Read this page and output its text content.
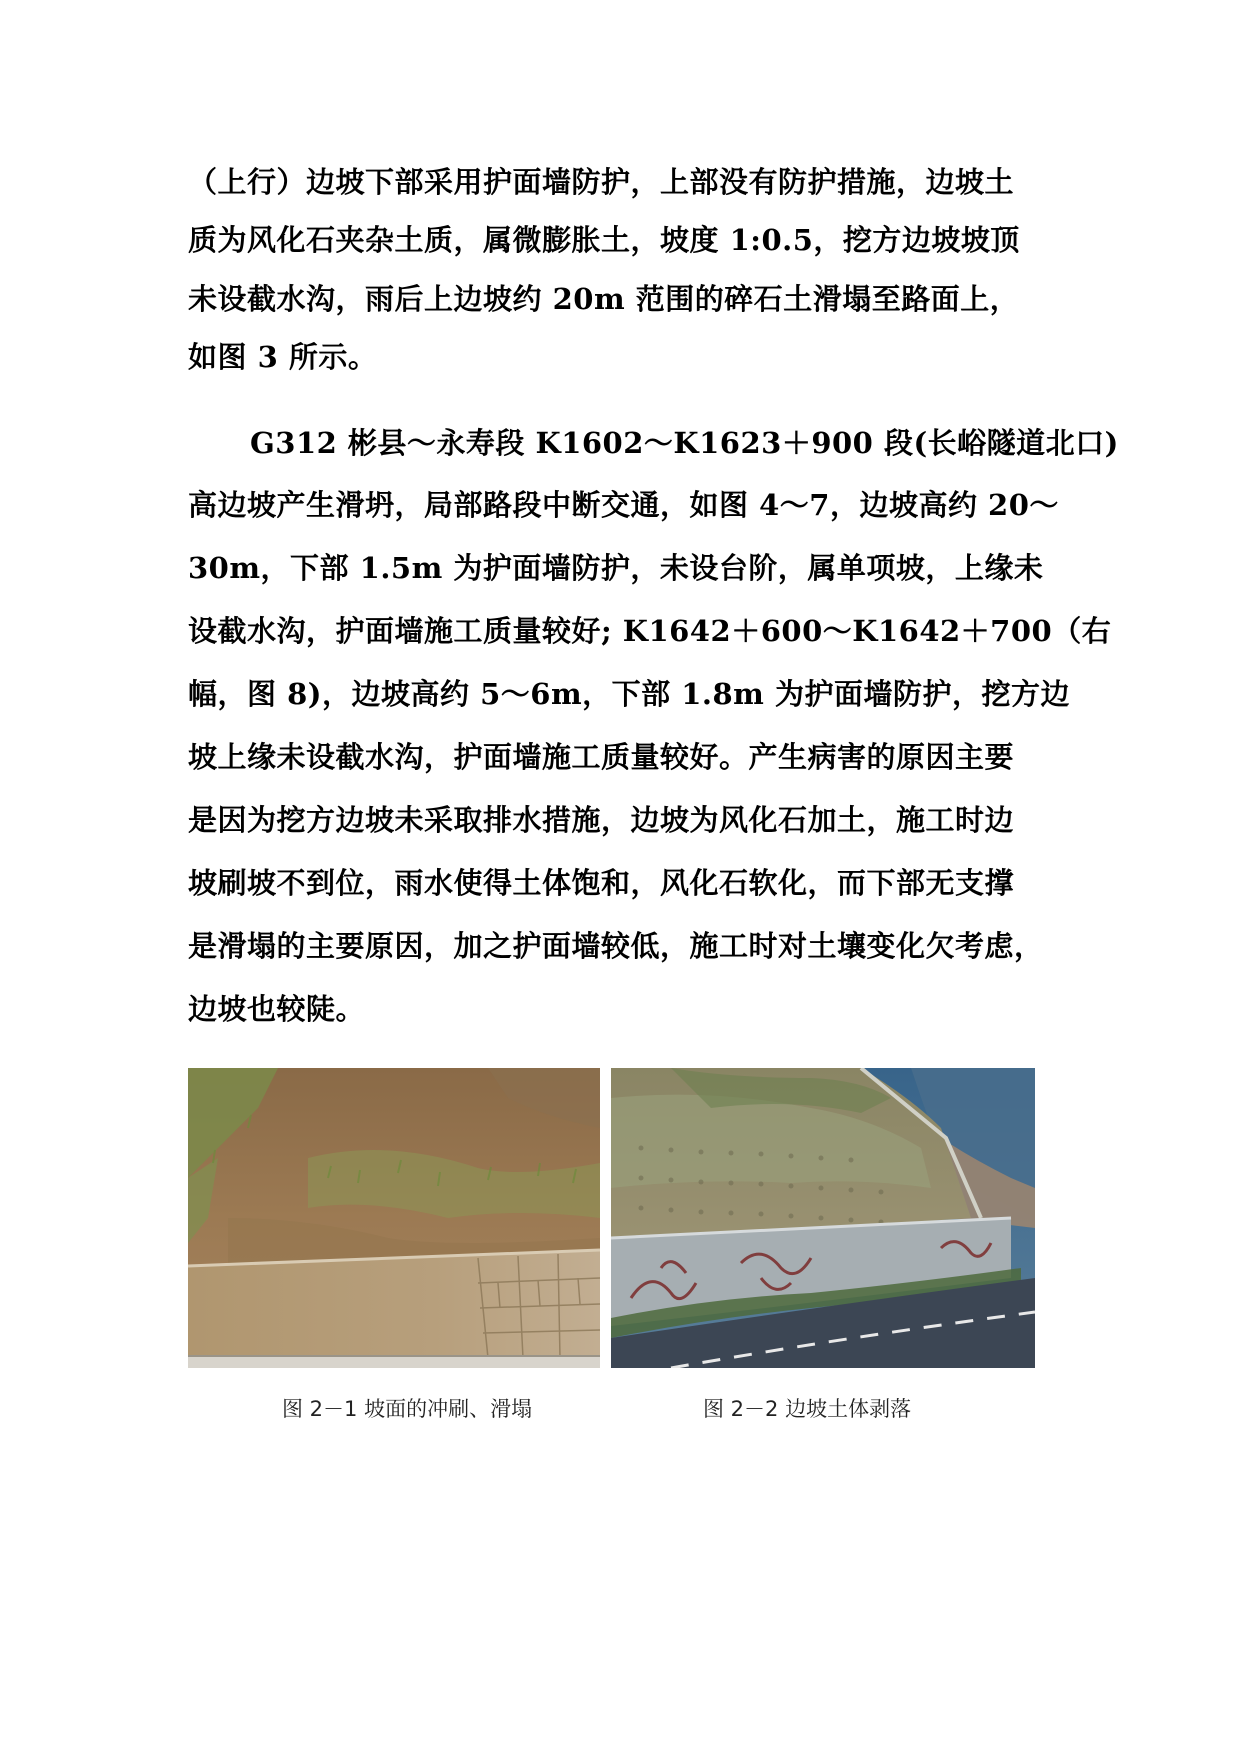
（上行）边坡下部采用护面墙防护，上部没有防护措施，边坡土
质为风化石夹杂土质，属微膨胀土，坡度 1:0.5，挖方边坡坡顶
未设截水沟，雨后上边坡约 20m 范围的碎石土滑塌至路面上，
如图 3 所示。
G312 彬县～永寿段 K1602～K1623＋900 段(长峪隧道北口)
高边坡产生滑坍，局部路段中断交通，如图 4～7，边坡高约 20～
30m，下部 1.5m 为护面墙防护，未设台阶，属单项坡，上缘未
设截水沟，护面墙施工质量较好; K1642＋600～K1642＋700（右
幅，图 8)，边坡高约 5～6m，下部 1.8m 为护面墙防护，挖方边
坡上缘未设截水沟，护面墙施工质量较好。产生病害的原因主要
是因为挖方边坡未采取排水措施，边坡为风化石加土，施工时边
坡刷坡不到位，雨水使得土体饱和，风化石软化，而下部无支撑
是滑塌的主要原因，加之护面墙较低，施工时对土壤变化欠考虑，
边坡也较陡。
图 2－1 坡面的冲刷、滑塌	图 2－2 边坡土体剥落
